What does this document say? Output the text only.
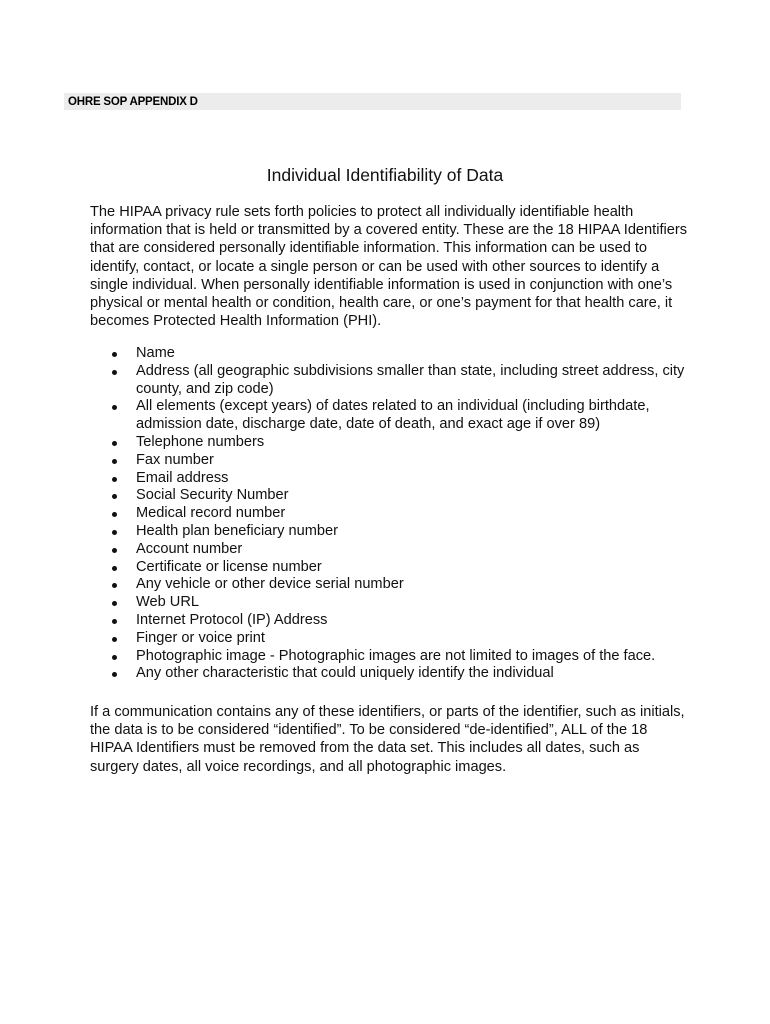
OHRE SOP APPENDIX D
Individual Identifiability of Data
The HIPAA privacy rule sets forth policies to protect all individually identifiable health information that is held or transmitted by a covered entity. These are the 18 HIPAA Identifiers that are considered personally identifiable information. This information can be used to identify, contact, or locate a single person or can be used with other sources to identify a single individual. When personally identifiable information is used in conjunction with one’s physical or mental health or condition, health care, or one’s payment for that health care, it becomes Protected Health Information (PHI).
Name
Address (all geographic subdivisions smaller than state, including street address, city county, and zip code)
All elements (except years) of dates related to an individual (including birthdate, admission date, discharge date, date of death, and exact age if over 89)
Telephone numbers
Fax number
Email address
Social Security Number
Medical record number
Health plan beneficiary number
Account number
Certificate or license number
Any vehicle or other device serial number
Web URL
Internet Protocol (IP) Address
Finger or voice print
Photographic image - Photographic images are not limited to images of the face.
Any other characteristic that could uniquely identify the individual
If a communication contains any of these identifiers, or parts of the identifier, such as initials, the data is to be considered “identified”. To be considered “de-identified”, ALL of the 18 HIPAA Identifiers must be removed from the data set. This includes all dates, such as surgery dates, all voice recordings, and all photographic images.
